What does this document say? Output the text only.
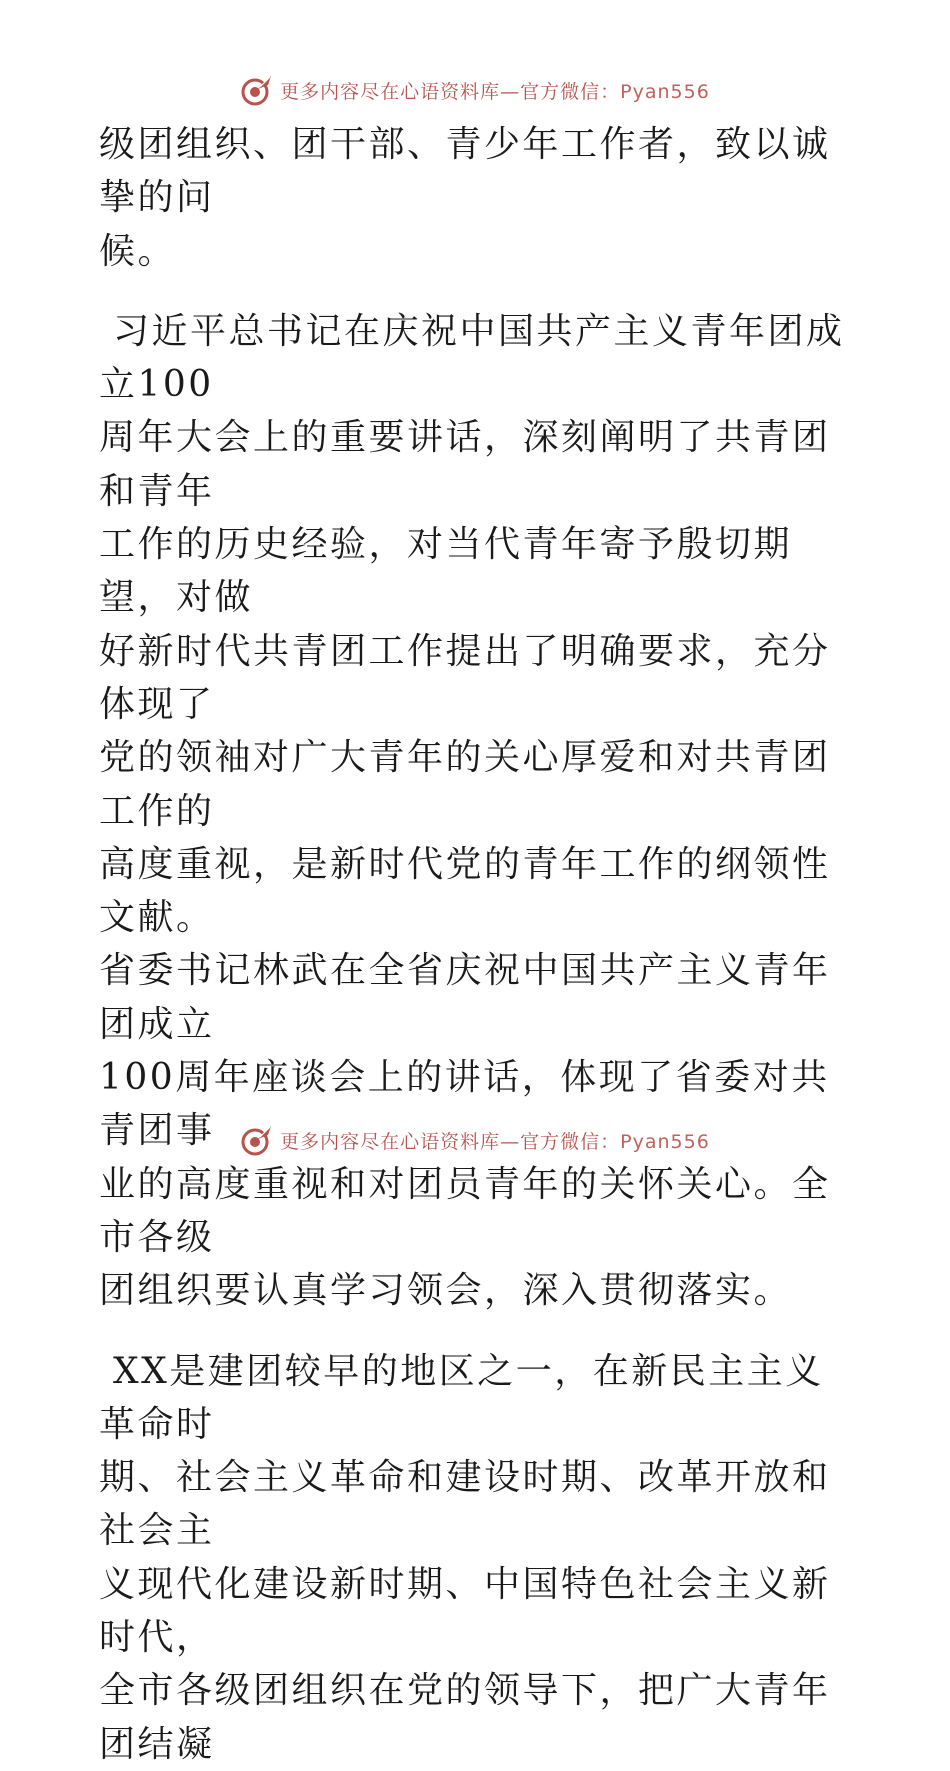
更多内容尽在心语资料库—官方微信：Pyan556
级团组织、团干部、青少年工作者，致以诚挚的问
候。
习近平总书记在庆祝中国共产主义青年团成立100
周年大会上的重要讲话，深刻阐明了共青团和青年
工作的历史经验，对当代青年寄予殷切期望，对做
好新时代共青团工作提出了明确要求，充分体现了
党的领袖对广大青年的关心厚爱和对共青团工作的
高度重视，是新时代党的青年工作的纲领性文献。
省委书记林武在全省庆祝中国共产主义青年团成立
100周年座谈会上的讲话，体现了省委对共青团事
业的高度重视和对团员青年的关怀关心。全市各级
团组织要认真学习领会，深入贯彻落实。
XX是建团较早的地区之一，在新民主主义革命时
期、社会主义革命和建设时期、改革开放和社会主
义现代化建设新时期、中国特色社会主义新时代，
全市各级团组织在党的领导下，把广大青年团结凝
更多内容尽在心语资料库—官方微信：Pyan556
